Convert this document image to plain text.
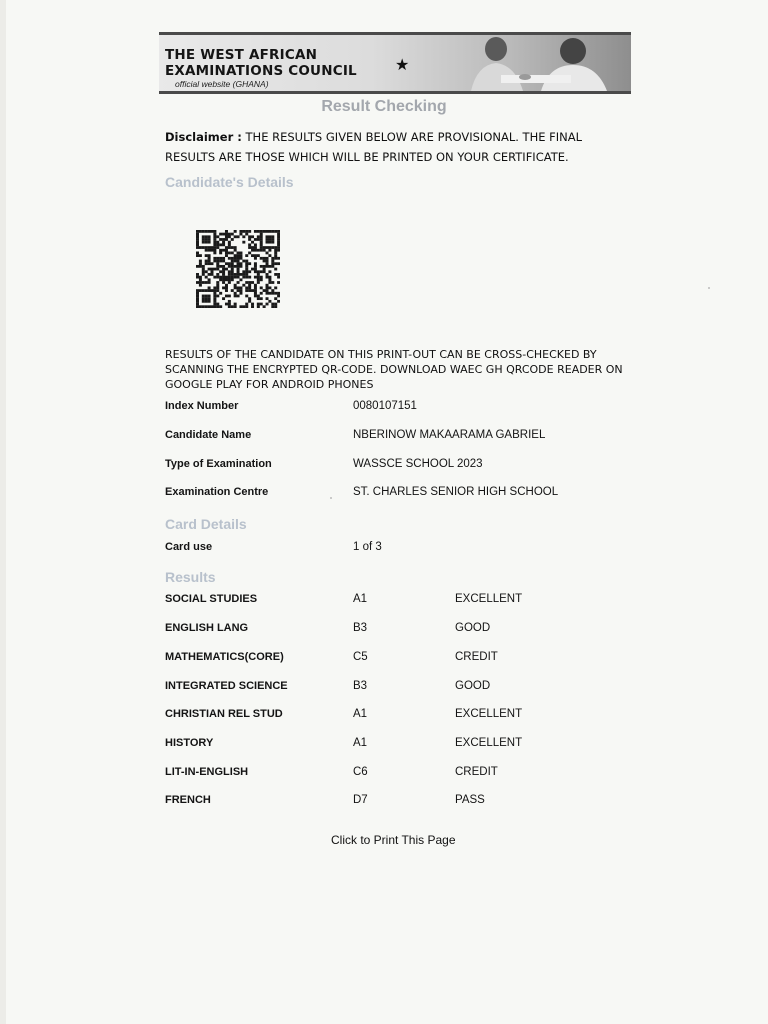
THE WEST AFRICAN
EXAMINATIONS COUNCIL
official website (GHANA)
★
Result Checking
Disclaimer : THE RESULTS GIVEN BELOW ARE PROVISIONAL. THE FINAL RESULTS ARE THOSE WHICH WILL BE PRINTED ON YOUR CERTIFICATE.
Candidate's Details
RESULTS OF THE CANDIDATE ON THIS PRINT-OUT CAN BE CROSS-CHECKED BY SCANNING THE ENCRYPTED QR-CODE. DOWNLOAD WAEC GH QRCODE READER ON GOOGLE PLAY FOR ANDROID PHONES
Index Number	0080107151
Candidate Name	NBERINOW MAKAARAMA GABRIEL
Type of Examination	WASSCE SCHOOL 2023
Examination Centre	ST. CHARLES SENIOR HIGH SCHOOL
Card Details
Card use	1 of 3
Results
SOCIAL STUDIES	A1	EXCELLENT
ENGLISH LANG	B3	GOOD
MATHEMATICS(CORE)	C5	CREDIT
INTEGRATED SCIENCE	B3	GOOD
CHRISTIAN REL STUD	A1	EXCELLENT
HISTORY	A1	EXCELLENT
LIT-IN-ENGLISH	C6	CREDIT
FRENCH	D7	PASS
Click to Print This Page
